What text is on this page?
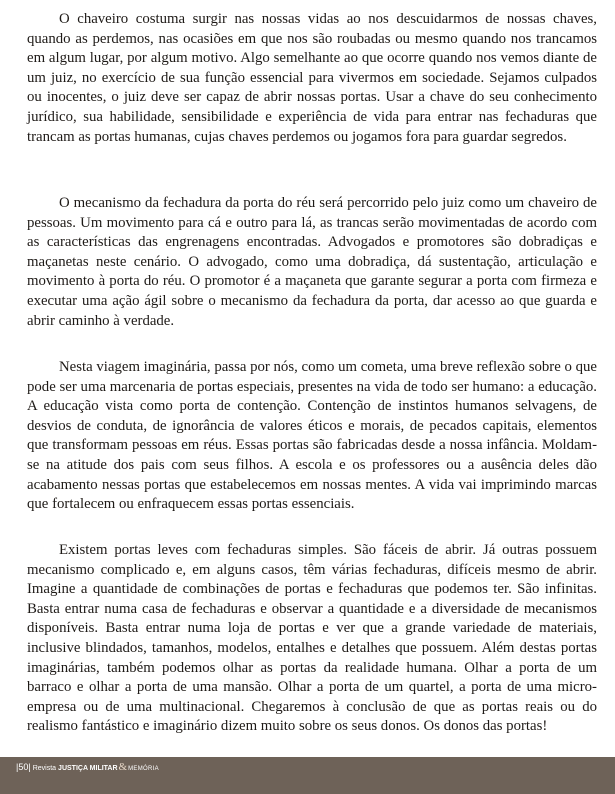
O chaveiro costuma surgir nas nossas vidas ao nos descuidarmos de nossas chaves, quando as perdemos, nas ocasiões em que nos são roubadas ou mesmo quando nos trancamos em algum lugar, por algum motivo. Algo semelhante ao que ocorre quando nos vemos diante de um juiz, no exercício de sua função essencial para vivermos em sociedade. Sejamos culpados ou inocentes, o juiz deve ser capaz de abrir nossas portas. Usar a chave do seu conhecimento jurídico, sua habilidade, sensibilidade e experiência de vida para entrar nas fechaduras que trancam as portas humanas, cujas chaves perdemos ou jogamos fora para guardar segredos.

O mecanismo da fechadura da porta do réu será percorrido pelo juiz como um chaveiro de pessoas. Um movimento para cá e outro para lá, as trancas serão movimentadas de acordo com as características das engrenagens encontradas. Advogados e promotores são dobradiças e maçanetas neste cenário. O advogado, como uma dobradiça, dá sustentação, articulação e movimento à porta do réu. O promotor é a maçaneta que garante segurar a porta com firmeza e executar uma ação ágil sobre o mecanismo da fechadura da porta, dar acesso ao que guarda e abrir caminho à verdade.

Nesta viagem imaginária, passa por nós, como um cometa, uma breve reflexão sobre o que pode ser uma marcenaria de portas especiais, presentes na vida de todo ser humano: a educação. A educação vista como porta de contenção. Contenção de instintos humanos selvagens, de desvios de conduta, de ignorância de valores éticos e morais, de pecados capitais, elementos que transformam pessoas em réus. Essas portas são fabricadas desde a nossa infância. Moldam-se na atitude dos pais com seus filhos. A escola e os professores ou a ausência deles dão acabamento nessas portas que estabelecemos em nossas mentes. A vida vai imprimindo marcas que fortalecem ou enfraquecem essas portas essenciais.

Existem portas leves com fechaduras simples. São fáceis de abrir. Já outras possuem mecanismo complicado e, em alguns casos, têm várias fechaduras, difíceis mesmo de abrir. Imagine a quantidade de combinações de portas e fechaduras que podemos ter. São infinitas. Basta entrar numa casa de fechaduras e observar a quantidade e a diversidade de mecanismos disponíveis. Basta entrar numa loja de portas e ver que a grande variedade de materiais, inclusive blindados, tamanhos, modelos, entalhes e detalhes que possuem. Além destas portas imaginárias, também podemos olhar as portas da realidade humana. Olhar a porta de um barraco e olhar a porta de uma mansão. Olhar a porta de um quartel, a porta de uma micro-empresa ou de uma multinacional. Chegaremos à conclusão de que as portas reais ou do realismo fantástico e imaginário dizem muito sobre os seus donos. Os donos das portas!

| 50 | Revista JUSTIÇA MILITAR & MEMÓRIA
